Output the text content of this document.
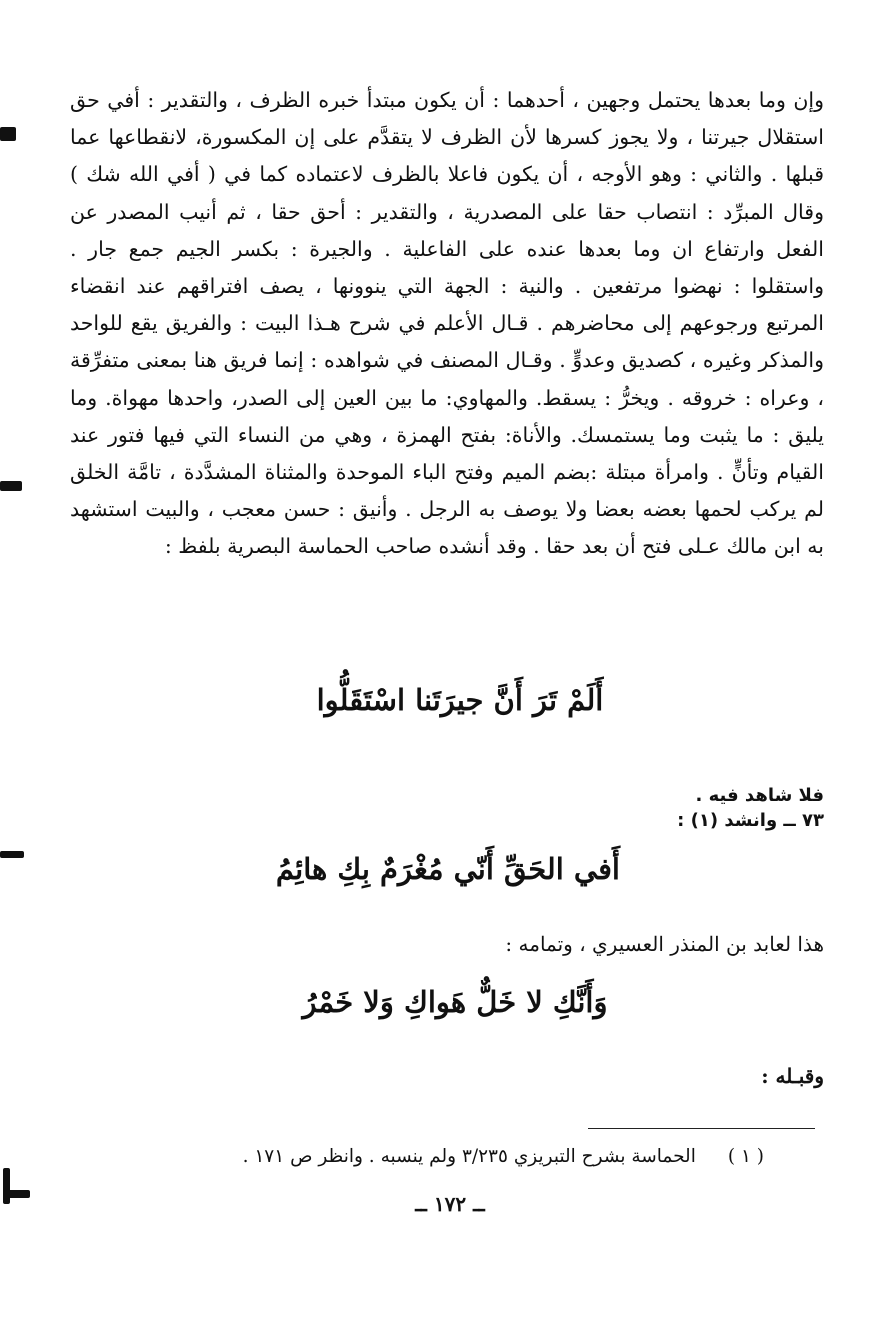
وإن وما بعدها يحتمل وجهين ، أحدهما : أن يكون مبتدأ خبره الظرف ، والتقدير : أفي حق استقلال جيرتنا ، ولا يجوز كسرها لأن الظرف لا يتقدَّم على إن المكسورة، لانقطاعها عما قبلها . والثاني : وهو الأوجه ، أن يكون فاعلا بالظرف لاعتماده كما في ( أفي الله شك ) وقال المبرِّد : انتصاب حقا على المصدرية ، والتقدير : أحق حقا ، ثم أنيب المصدر عن الفعل وارتفاع ان وما بعدها عنده على الفاعلية . والجيرة : بكسر الجيم جمع جار . واستقلوا : نهضوا مرتفعين . والنية : الجهة التي ينوونها ، يصف افتراقهم عند انقضاء المرتبع ورجوعهم إلى محاضرهم . قـال الأعلم في شرح هـذا البيت : والفريق يقع للواحد والمذكر وغيره ، كصديق وعدوٍّ . وقـال المصنف في شواهده : إنما فريق هنا بمعنى متفرِّقة ، وعراه : خروقه . ويخرُّ : يسقط. والمهاوي: ما بين العين إلى الصدر، واحدها مهواة. وما يليق : ما يثبت وما يستمسك. والأناة: بفتح الهمزة ، وهي من النساء التي فيها فتور عند القيام وتأنٍّ . وامرأة مبتلة :بضم الميم وفتح الباء الموحدة والمثناة المشدَّدة ، تامَّة الخلق لم يركب لحمها بعضه بعضا ولا يوصف به الرجل . وأنيق : حسن معجب ، والبيت استشهد به ابن مالك عـلى فتح أن بعد حقا . وقد أنشده صاحب الحماسة البصرية بلفظ :

أَلَمْ تَرَ أَنَّ جيرَتَنا اسْتَقَلُّوا
فلا شاهد فيه .
٧٣ ــ وانشد (١) :
أَفي الحَقِّ أَنّي مُغْرَمٌ بِكِ هائِمُ
هذا لعابد بن المنذر العسيري ، وتمامه :
وَأَنَّكِ لا خَلٌّ هَواكِ وَلا خَمْرُ
وقبـله :
( ١ )الحماسة بشرح التبريزي ٣/٢٣٥ ولم ينسبه . وانظر ص ١٧١ .
ــ ١٧٢ ــ
